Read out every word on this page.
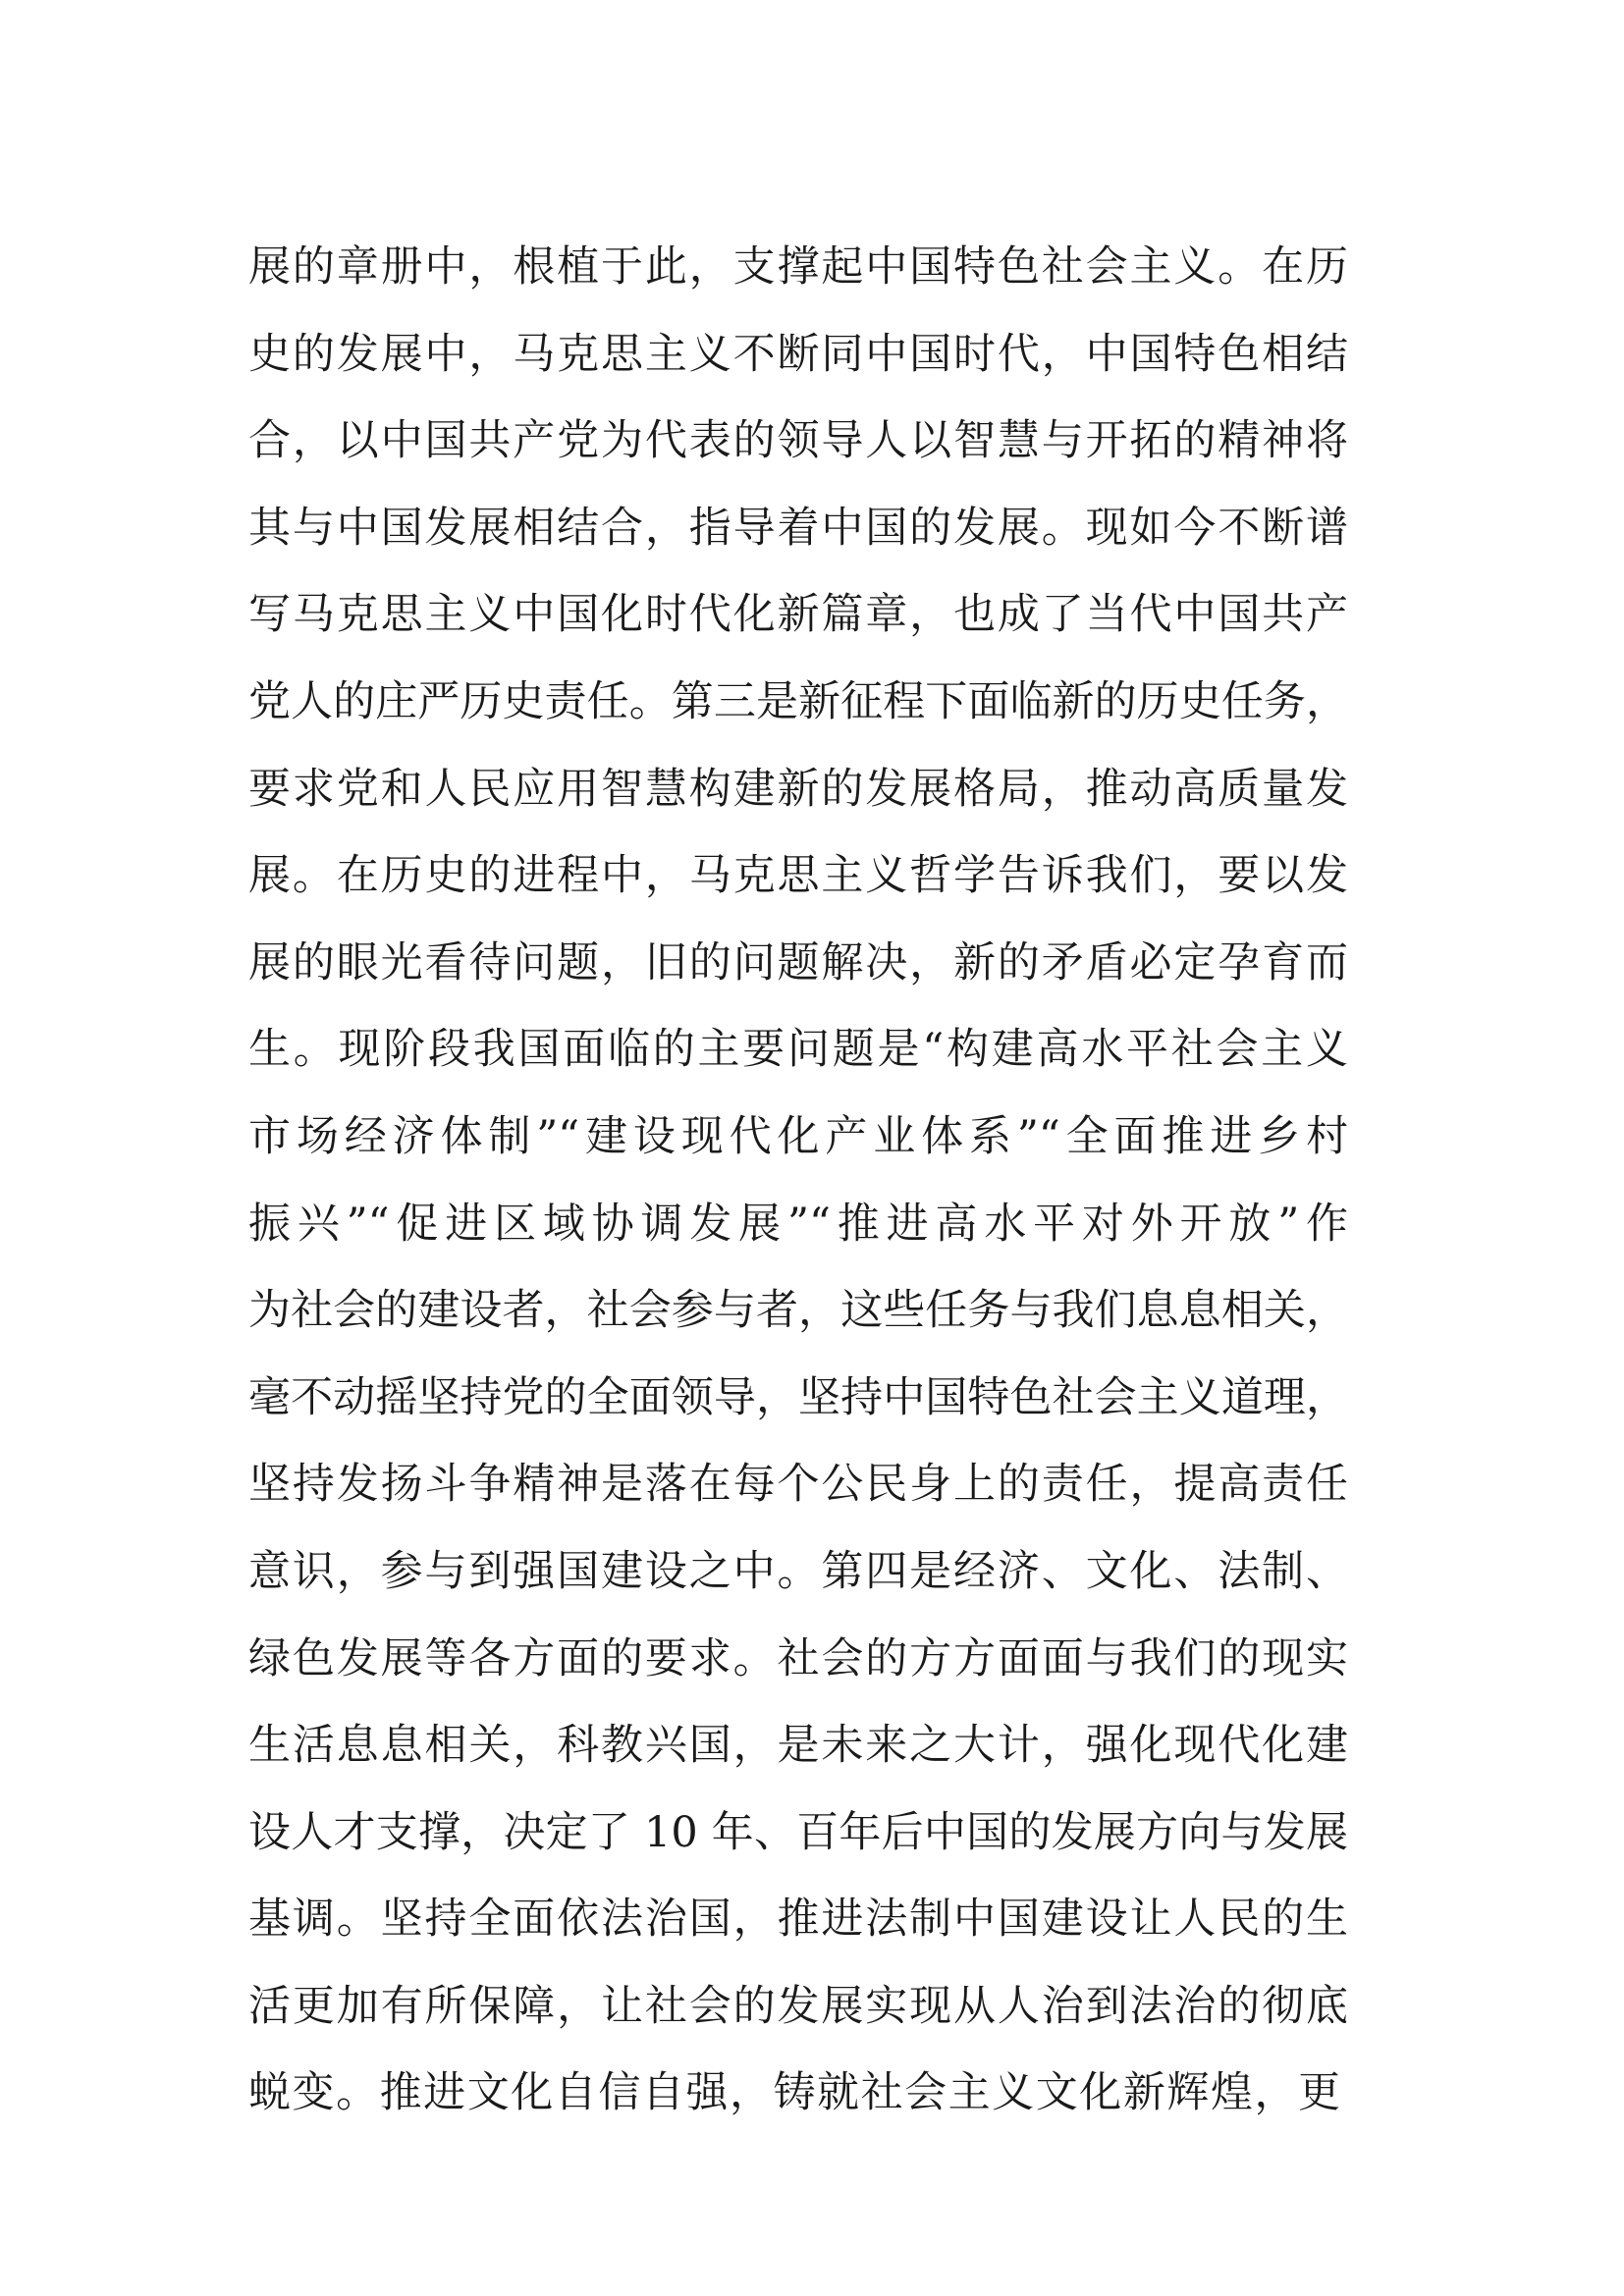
展的章册中，根植于此，支撑起中国特色社会主义。在历
史的发展中，马克思主义不断同中国时代，中国特色相结
合，以中国共产党为代表的领导人以智慧与开拓的精神将
其与中国发展相结合，指导着中国的发展。现如今不断谱
写马克思主义中国化时代化新篇章，也成了当代中国共产
党人的庄严历史责任。第三是新征程下面临新的历史任务，
要求党和人民应用智慧构建新的发展格局，推动高质量发
展。在历史的进程中，马克思主义哲学告诉我们，要以发
展的眼光看待问题，旧的问题解决，新的矛盾必定孕育而
生。现阶段我国面临的主要问题是“构建高水平社会主义
市场经济体制”“建设现代化产业体系”“全面推进乡村
振兴”“促进区域协调发展”“推进高水平对外开放”作
为社会的建设者，社会参与者，这些任务与我们息息相关，
毫不动摇坚持党的全面领导，坚持中国特色社会主义道理，
坚持发扬斗争精神是落在每个公民身上的责任，提高责任
意识，参与到强国建设之中。第四是经济、文化、法制、
绿色发展等各方面的要求。社会的方方面面与我们的现实
生活息息相关，科教兴国，是未来之大计，强化现代化建
设人才支撑，决定了 10 年、百年后中国的发展方向与发展
基调。坚持全面依法治国，推进法制中国建设让人民的生
活更加有所保障，让社会的发展实现从人治到法治的彻底
蜕变。推进文化自信自强，铸就社会主义文化新辉煌，更
